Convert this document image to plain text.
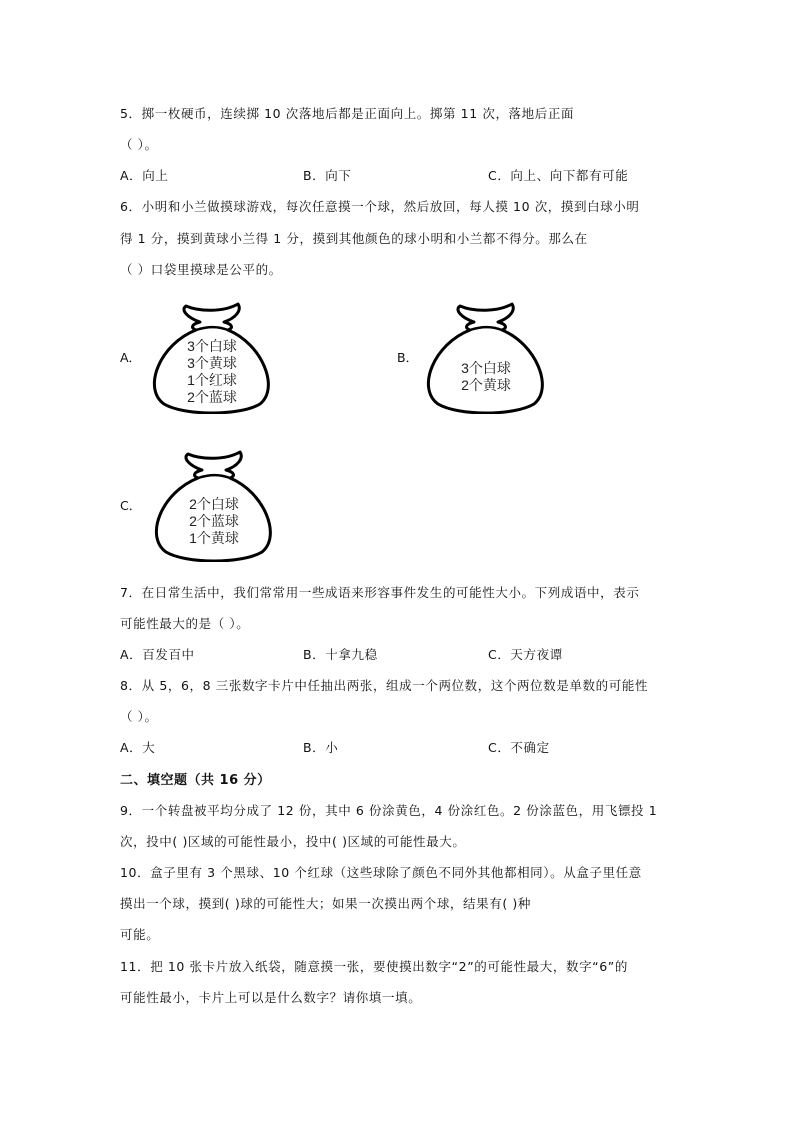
5．掷一枚硬币，连续掷 10 次落地后都是正面向上。掷第 11 次，落地后正面
（ ）。
A．向上	B．向下	C．向上、向下都有可能
6．小明和小兰做摸球游戏，每次任意摸一个球，然后放回，每人摸 10 次，摸到白球小明
得 1 分，摸到黄球小兰得 1 分，摸到其他颜色的球小明和小兰都不得分。那么在
（ ）口袋里摸球是公平的。
A．
3个白球
3个黄球
1个红球
2个蓝球
B．
3个白球
2个黄球
C．	2个白球
2个蓝球
1个黄球
7．在日常生活中，我们常常用一些成语来形容事件发生的可能性大小。下列成语中，表示
可能性最大的是（ ）。
A．百发百中	B．十拿九稳	C．天方夜谭
8．从 5，6，8 三张数字卡片中任抽出两张，组成一个两位数，这个两位数是单数的可能性
（ ）。
A．大	B．小	C．不确定
二、填空题（共 16 分）
9．一个转盘被平均分成了 12 份，其中 6 份涂黄色，4 份涂红色。2 份涂蓝色，用飞镖投 1
次，投中( )区域的可能性最小，投中( )区域的可能性最大。
10．盒子里有 3 个黑球、10 个红球（这些球除了颜色不同外其他都相同）。从盒子里任意
摸出一个球，摸到( )球的可能性大；如果一次摸出两个球，结果有( )种
可能。
11．把 10 张卡片放入纸袋，随意摸一张，要使摸出数字“2”的可能性最大，数字“6”的
可能性最小，卡片上可以是什么数字？请你填一填。
